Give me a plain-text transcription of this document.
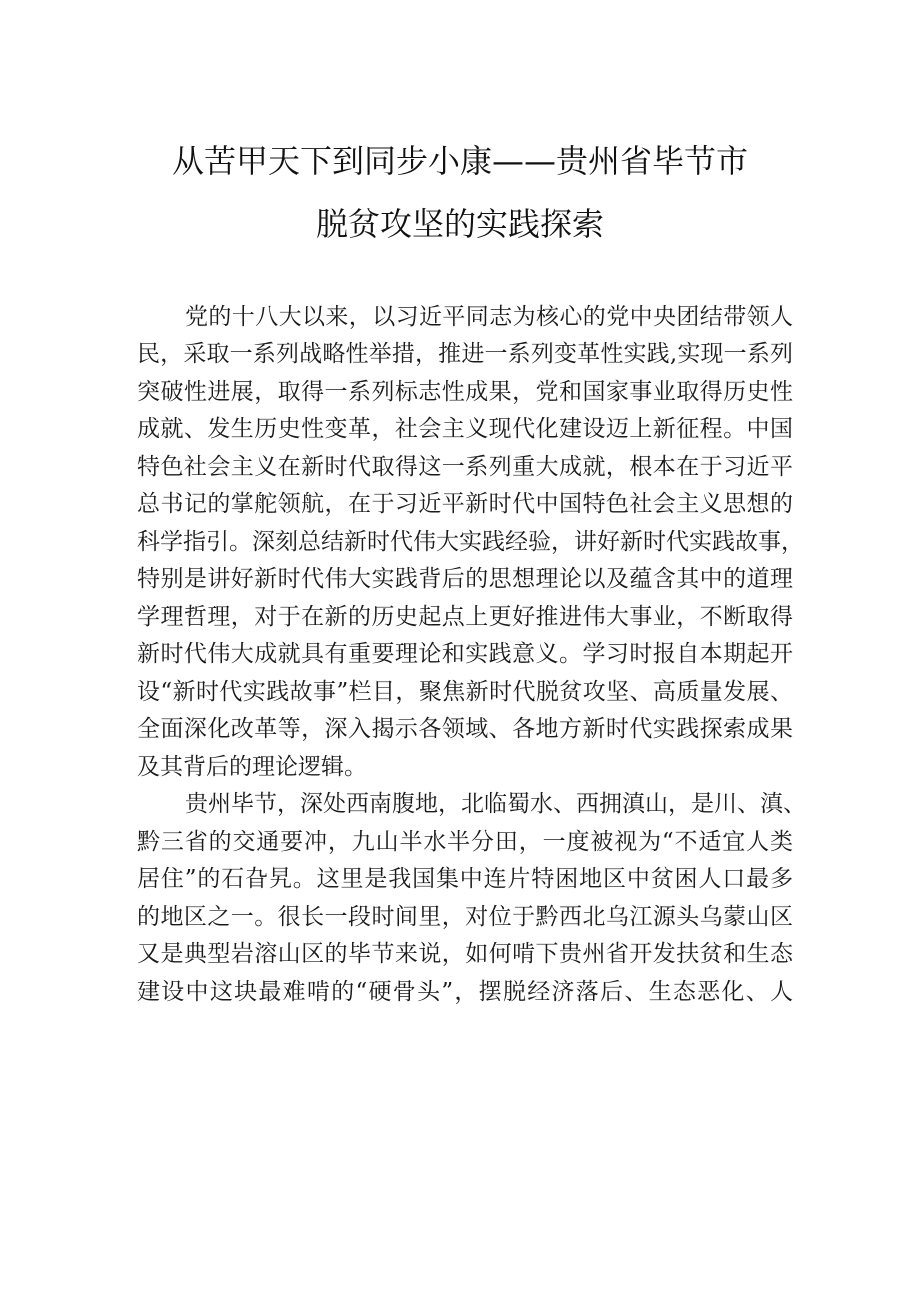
从苦甲天下到同步小康——贵州省毕节市
脱贫攻坚的实践探索
党的十八大以来，以习近平同志为核心的党中央团结带领人
民，采取一系列战略性举措，推进一系列变革性实践,实现一系列
突破性进展，取得一系列标志性成果，党和国家事业取得历史性
成就、发生历史性变革，社会主义现代化建设迈上新征程。中国
特色社会主义在新时代取得这一系列重大成就，根本在于习近平
总书记的掌舵领航，在于习近平新时代中国特色社会主义思想的
科学指引。深刻总结新时代伟大实践经验，讲好新时代实践故事，
特别是讲好新时代伟大实践背后的思想理论以及蕴含其中的道理
学理哲理，对于在新的历史起点上更好推进伟大事业，不断取得
新时代伟大成就具有重要理论和实践意义。学习时报自本期起开
设“新时代实践故事”栏目，聚焦新时代脱贫攻坚、高质量发展、
全面深化改革等，深入揭示各领域、各地方新时代实践探索成果
及其背后的理论逻辑。
贵州毕节，深处西南腹地，北临蜀水、西拥滇山，是川、滇、
黔三省的交通要冲，九山半水半分田，一度被视为“不适宜人类
居住”的石旮旯。这里是我国集中连片特困地区中贫困人口最多
的地区之一。很长一段时间里，对位于黔西北乌江源头乌蒙山区
又是典型岩溶山区的毕节来说，如何啃下贵州省开发扶贫和生态
建设中这块最难啃的“硬骨头”，摆脱经济落后、生态恶化、人
